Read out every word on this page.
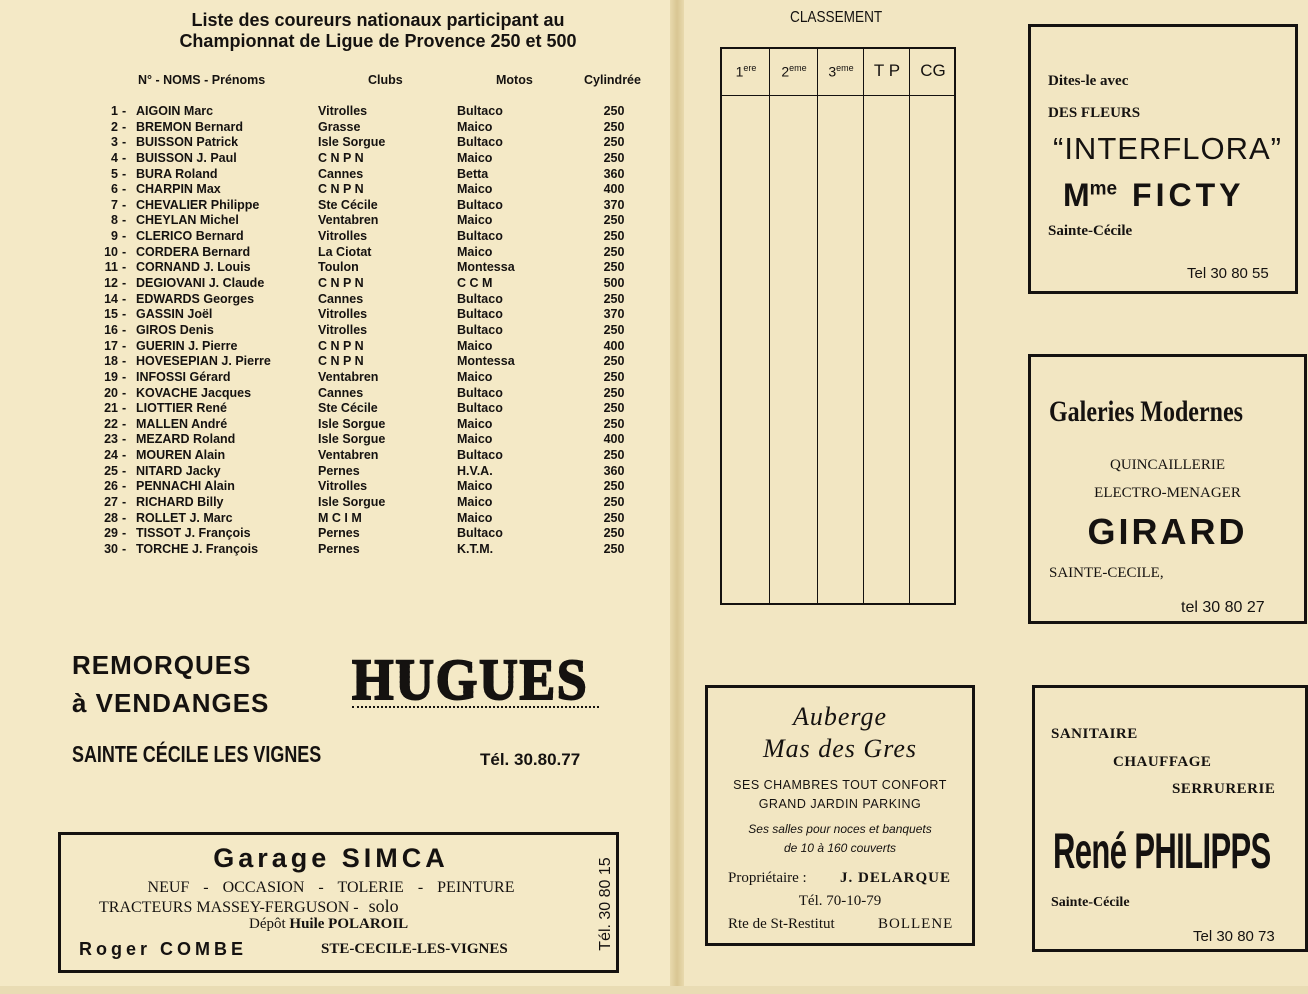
Liste des coureurs nationaux participant au
Championnat de Ligue de Provence 250 et 500
N° - NOMS - Prénoms	Clubs	Motos	Cylindrée
1 - AIGOIN Marc	Vitrolles	Bultaco	250
2 - BREMON Bernard	Grasse	Maico	250
3 - BUISSON Patrick	Isle Sorgue	Bultaco	250
4 - BUISSON J. Paul	C N P N	Maico	250
5 - BURA Roland	Cannes	Betta	360
6 - CHARPIN Max	C N P N	Maico	400
7 - CHEVALIER Philippe	Ste Cécile	Bultaco	370
8 - CHEYLAN Michel	Ventabren	Maico	250
9 - CLERICO Bernard	Vitrolles	Bultaco	250
10 - CORDERA Bernard	La Ciotat	Maico	250
11 - CORNAND J. Louis	Toulon	Montessa	250
12 - DEGIOVANI J. Claude	C N P N	C C M	500
14 - EDWARDS Georges	Cannes	Bultaco	250
15 - GASSIN Joël	Vitrolles	Bultaco	370
16 - GIROS Denis	Vitrolles	Bultaco	250
17 - GUERIN J. Pierre	C N P N	Maico	400
18 - HOVESEPIAN J. Pierre	C N P N	Montessa	250
19 - INFOSSI Gérard	Ventabren	Maico	250
20 - KOVACHE Jacques	Cannes	Bultaco	250
21 - LIOTTIER René	Ste Cécile	Bultaco	250
22 - MALLEN André	Isle Sorgue	Maico	250
23 - MEZARD Roland	Isle Sorgue	Maico	400
24 - MOUREN Alain	Ventabren	Bultaco	250
25 - NITARD Jacky	Pernes	H.V.A.	360
26 - PENNACHI Alain	Vitrolles	Maico	250
27 - RICHARD Billy	Isle Sorgue	Maico	250
28 - ROLLET J. Marc	M C I M	Maico	250
29 - TISSOT J. François	Pernes	Bultaco	250
30 - TORCHE J. François	Pernes	K.T.M.	250
REMORQUES
à VENDANGES
SAINTE CÉCILE LES VIGNES
HUGUES
Tél. 30.80.77
Garage SIMCA
NEUF - OCCASION - TOLERIE - PEINTURE
TRACTEURS MASSEY-FERGUSON - solo
Dépôt Huile POLAROIL
Roger COMBE	STE-CECILE-LES-VIGNES	Tél. 30 80 15
CLASSEMENT
1ere	2eme	3eme	T P	CG
Dites-le avec
DES FLEURS
“INTERFLORA”
$M^{me}$ FICTY
Sainte-Cécile
Tel 30 80 55
Galeries Modernes
QUINCAILLERIE
ELECTRO-MENAGER
GIRARD
SAINTE-CECILE,
tel 30 80 27
Auberge
Mas des Gres
SES CHAMBRES TOUT CONFORT
GRAND JARDIN PARKING
Ses salles pour noces et banquets
de 10 à 160 couverts
Propriétaire : J. DELARQUE
Tél. 70-10-79
Rte de St-Restitut	BOLLENE
SANITAIRE
CHAUFFAGE
SERRURERIE
René PHILIPPS
Sainte-Cécile
Tel 30 80 73
